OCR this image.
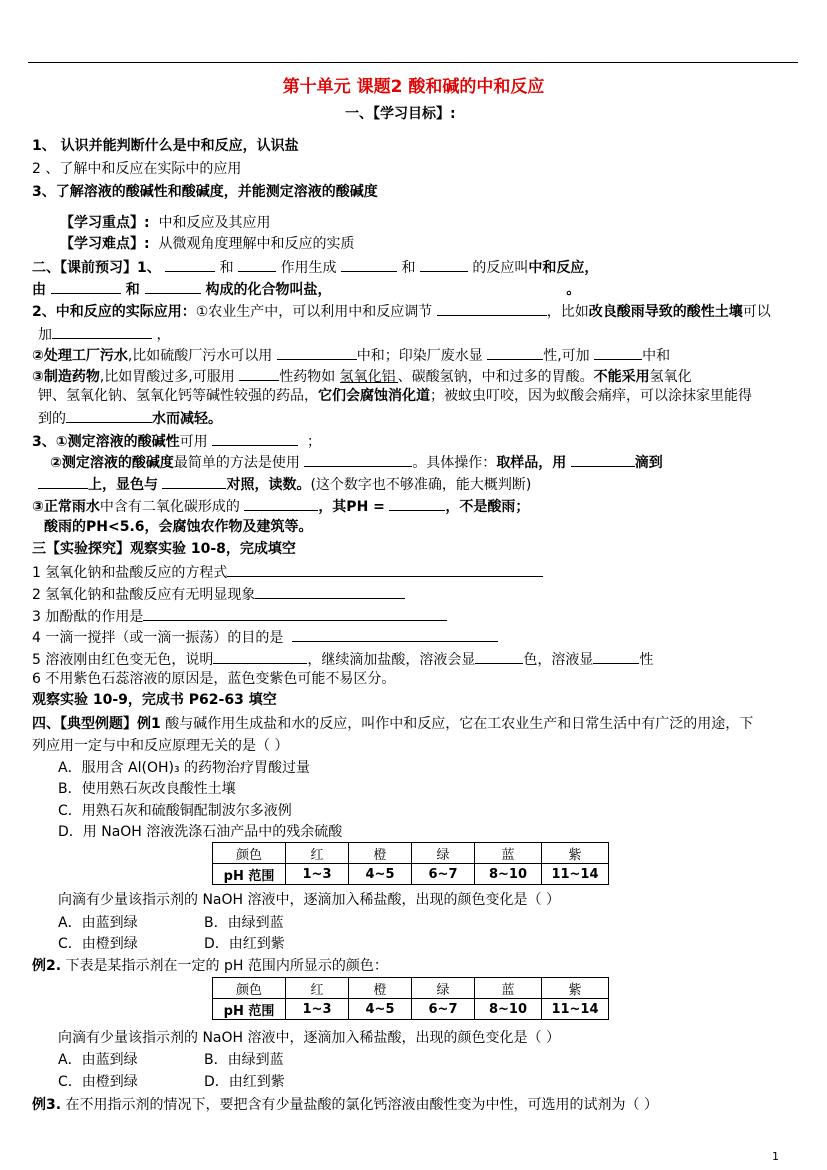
第十单元 课题2 酸和碱的中和反应
一、【学习目标】:
1、 认识并能判断什么是中和反应，认识盐
2 、了解中和反应在实际中的应用
3、了解溶液的酸碱性和酸碱度，并能测定溶液的酸碱度
【学习重点】: 中和反应及其应用
【学习难点】: 从微观角度理解中和反应的实质
二、【课前预习】1、	和	作用生成	和	的反应叫中和反应，
由	和	构成的化合物叫盐，	。
2、中和反应的实际应用：①农业生产中，可以利用中和反应调节	，比如改良酸雨导致的酸性土壤可以
加	，
②处理工厂污水,比如硫酸厂污水可以用	中和；印染厂废水显	性,可加	中和
③制造药物,比如胃酸过多,可服用	性药物如 氢氧化铝 、碳酸氢钠，中和过多的胃酸。不能采用氢氧化
钾、氢氧化钠、氢氧化钙等碱性较强的药品，它们会腐蚀消化道；被蚊虫叮咬，因为蚁酸会痛痒，可以涂抹家里能得
到的	水而减轻。
3、①测定溶液的酸碱性可用	；
②测定溶液的酸碱度最简单的方法是使用	。具体操作：取样品，用	滴到
上，显色与	对照，读数。(这个数字也不够准确，能大概判断)
③正常雨水中含有二氧化碳形成的	，其PH =	，不是酸雨；
酸雨的PH<5.6，会腐蚀农作物及建筑等。
三【实验探究】观察实验 10-8，完成填空
1 氢氧化钠和盐酸反应的方程式
2 氢氧化钠和盐酸反应有无明显现象
3 加酚酞的作用是
4 一滴一搅拌（或一滴一振荡）的目的是
5 溶液刚由红色变无色，说明	，继续滴加盐酸，溶液会显	色，溶液显	性
6 不用紫色石蕊溶液的原因是，蓝色变紫色可能不易区分。
观察实验 10-9，完成书 P62-63 填空
四、【典型例题】例1 酸与碱作用生成盐和水的反应，叫作中和反应，它在工农业生产和日常生活中有广泛的用途，下
列应用一定与中和反应原理无关的是（ ）
A．服用含 Al(OH)₃ 的药物治疗胃酸过量
B．使用熟石灰改良酸性土壤
C．用熟石灰和硫酸铜配制波尔多液例
D．用 NaOH 溶液洗涤石油产品中的残余硫酸
颜色	红	橙	绿	蓝	紫
pH 范围	1~3	4~5	6~7	8~10	11~14
向滴有少量该指示剂的 NaOH 溶液中，逐滴加入稀盐酸，出现的颜色变化是（ ）
A．由蓝到绿	B．由绿到蓝
C．由橙到绿	D．由红到紫
例2. 下表是某指示剂在一定的 pH 范围内所显示的颜色：
颜色	红	橙	绿	蓝	紫
pH 范围	1~3	4~5	6~7	8~10	11~14
向滴有少量该指示剂的 NaOH 溶液中，逐滴加入稀盐酸，出现的颜色变化是（ ）
A．由蓝到绿	B．由绿到蓝
C．由橙到绿	D．由红到紫
例3. 在不用指示剂的情况下，要把含有少量盐酸的氯化钙溶液由酸性变为中性，可选用的试剂为（ ）
1
